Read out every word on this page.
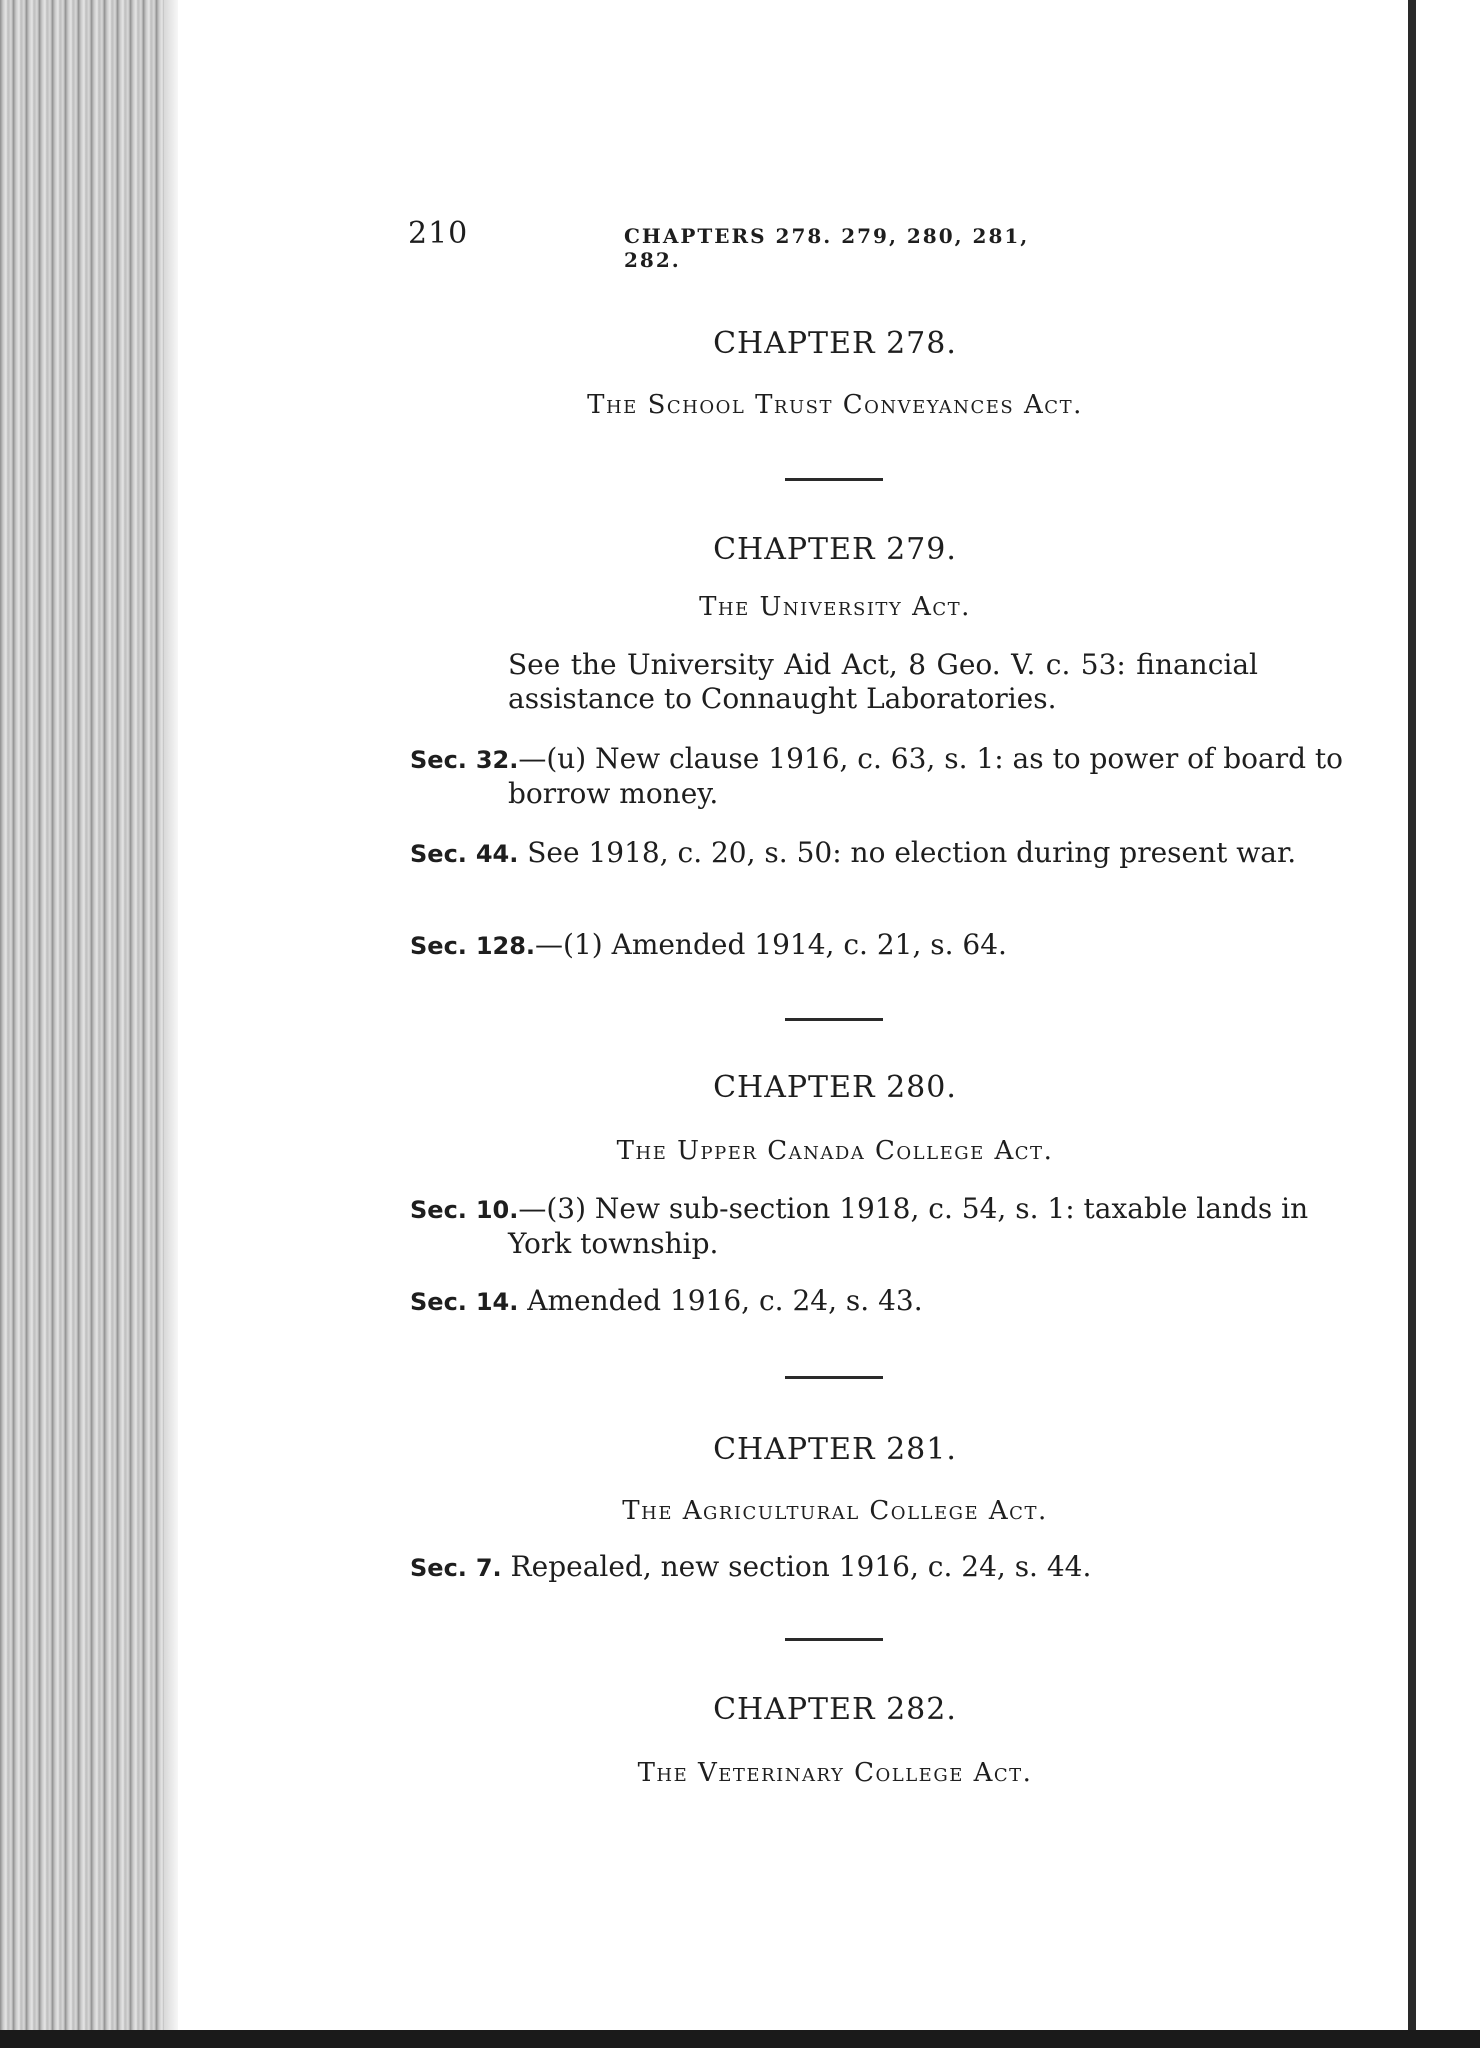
210	CHAPTERS 278. 279, 280, 281, 282.
CHAPTER 278.
The School Trust Conveyances Act.
CHAPTER 279.
The University Act.
See the University Aid Act, 8 Geo. V. c. 53: financial assistance to Connaught Laboratories.
Sec. 32.—(u) New clause 1916, c. 63, s. 1: as to power of board to borrow money.
Sec. 44. See 1918, c. 20, s. 50: no election during present war.
Sec. 128.—(1) Amended 1914, c. 21, s. 64.
CHAPTER 280.
The Upper Canada College Act.
Sec. 10.—(3) New sub-section 1918, c. 54, s. 1: taxable lands in York township.
Sec. 14. Amended 1916, c. 24, s. 43.
CHAPTER 281.
The Agricultural College Act.
Sec. 7. Repealed, new section 1916, c. 24, s. 44.
CHAPTER 282.
The Veterinary College Act.
